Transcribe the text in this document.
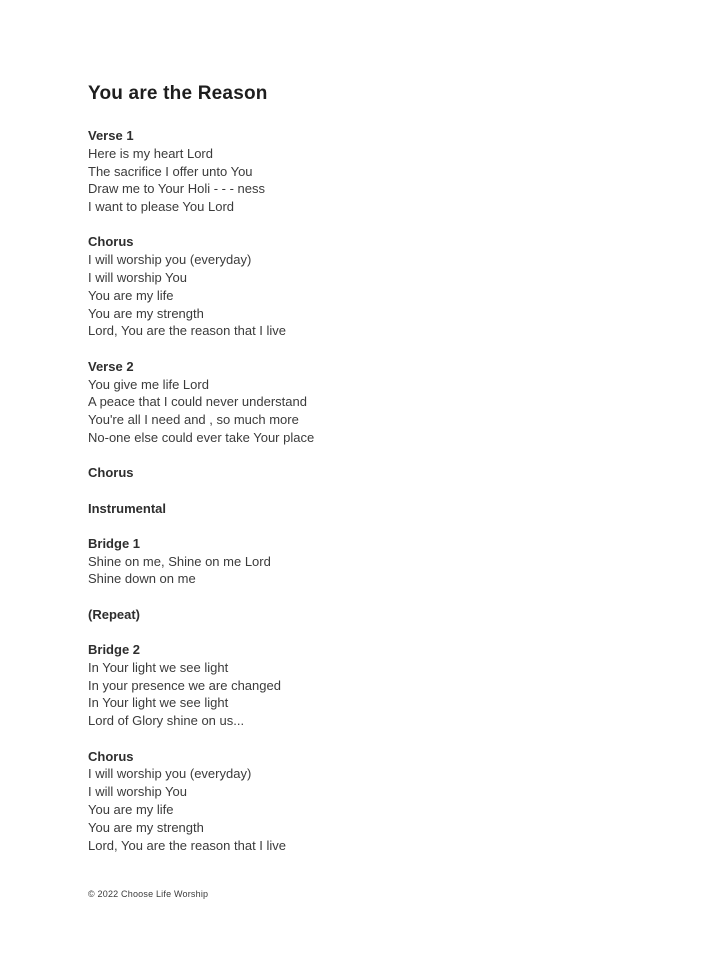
You are the Reason
Verse 1
Here is my heart Lord
The sacrifice I offer unto You
Draw me to Your Holi - - - ness
I want to please You Lord
Chorus
I will worship you (everyday)
I will worship You
You are my life
You are my strength
Lord, You are the reason that I live
Verse 2
You give me life Lord
A peace that I could never understand
You're all I need and , so much more
No-one else could ever take Your place
Chorus
Instrumental
Bridge 1
Shine on me, Shine on me Lord
Shine down on me
(Repeat)
Bridge 2
In Your light we see light
In your presence we are changed
In Your light we see light
Lord of Glory shine on us...
Chorus
I will worship you (everyday)
I will worship You
You are my life
You are my strength
Lord, You are the reason that I live
© 2022 Choose Life Worship
